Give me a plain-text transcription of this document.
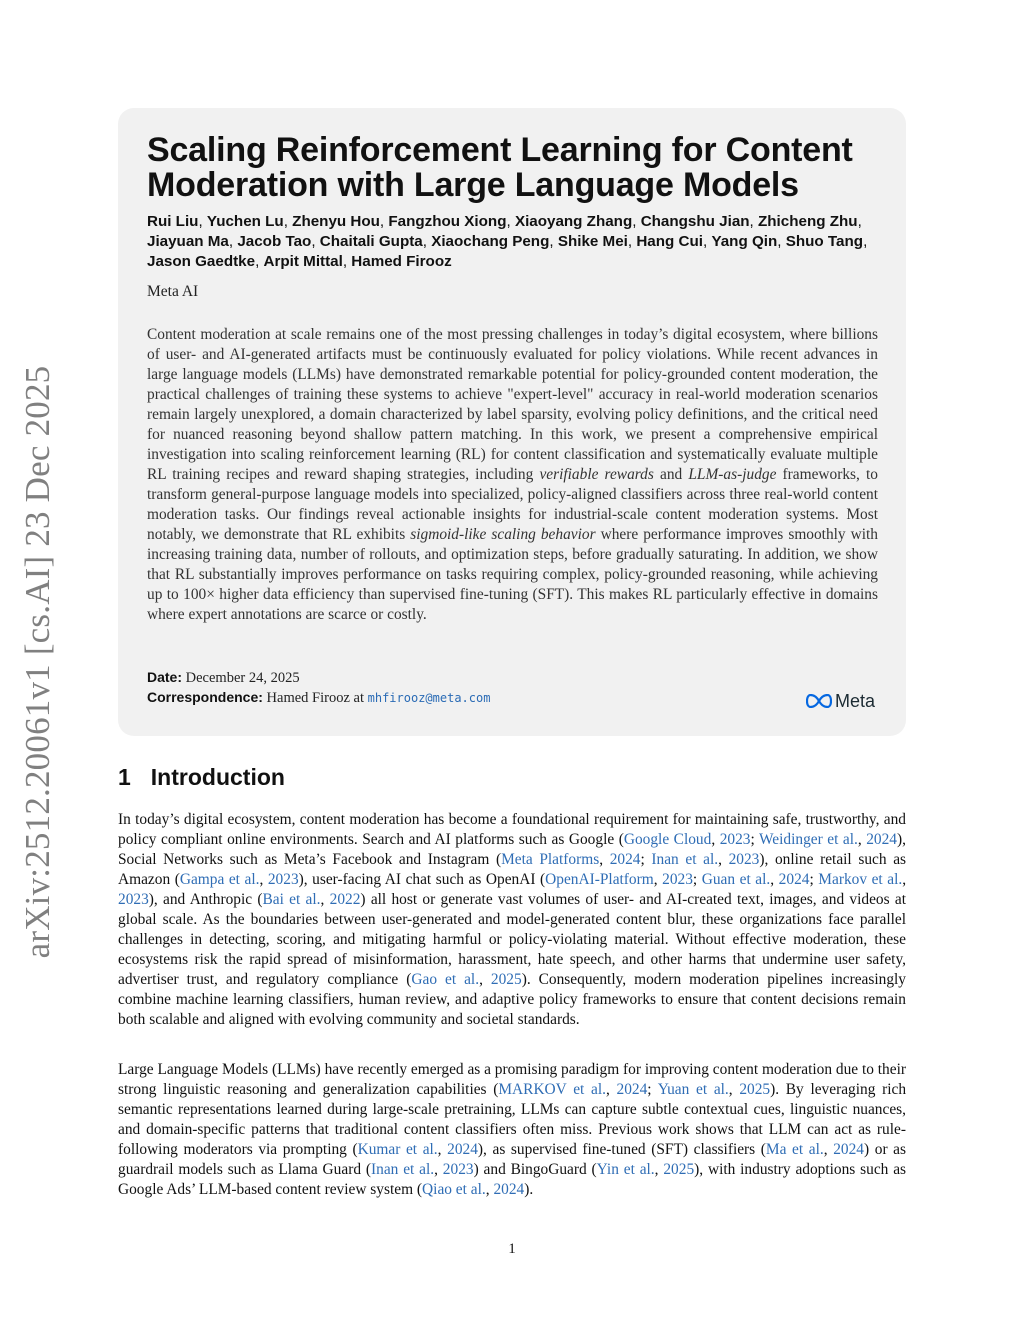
arXiv:2512.20061v1 [cs.AI] 23 Dec 2025
Scaling Reinforcement Learning for Content Moderation with Large Language Models
Rui Liu, Yuchen Lu, Zhenyu Hou, Fangzhou Xiong, Xiaoyang Zhang, Changshu Jian, Zhicheng Zhu, Jiayuan Ma, Jacob Tao, Chaitali Gupta, Xiaochang Peng, Shike Mei, Hang Cui, Yang Qin, Shuo Tang, Jason Gaedtke, Arpit Mittal, Hamed Firooz
Meta AI

Content moderation at scale remains one of the most pressing challenges in today’s digital ecosystem, where billions of user- and AI-generated artifacts must be continuously evaluated for policy violations. While recent advances in large language models (LLMs) have demonstrated remarkable potential for policy-grounded content moderation, the practical challenges of training these systems to achieve "expert-level" accuracy in real-world moderation scenarios remain largely unexplored, a domain characterized by label sparsity, evolving policy definitions, and the critical need for nuanced reasoning beyond shallow pattern matching. In this work, we present a comprehensive empirical investigation into scaling reinforcement learning (RL) for content classification and systematically evaluate multiple RL training recipes and reward shaping strategies, including verifiable rewards and LLM-as-judge frameworks, to transform general-purpose language models into specialized, policy-aligned classifiers across three real-world content moderation tasks. Our findings reveal actionable insights for industrial-scale content moderation systems. Most notably, we demonstrate that RL exhibits sigmoid-like scaling behavior where performance improves smoothly with increasing training data, number of rollouts, and optimization steps, before gradually saturating. In addition, we show that RL substantially improves performance on tasks requiring complex, policy-grounded reasoning, while achieving up to 100× higher data efficiency than supervised fine-tuning (SFT). This makes RL particularly effective in domains where expert annotations are scarce or costly.

Date: December 24, 2025
Correspondence: Hamed Firooz at mhfirooz@meta.com	Meta
1 Introduction

In today’s digital ecosystem, content moderation has become a foundational requirement for maintaining safe, trustworthy, and policy compliant online environments. Search and AI platforms such as Google (Google Cloud, 2023; Weidinger et al., 2024), Social Networks such as Meta’s Facebook and Instagram (Meta Platforms, 2024; Inan et al., 2023), online retail such as Amazon (Gampa et al., 2023), user-facing AI chat such as OpenAI (OpenAI-Platform, 2023; Guan et al., 2024; Markov et al., 2023), and Anthropic (Bai et al., 2022) all host or generate vast volumes of user- and AI-created text, images, and videos at global scale. As the boundaries between user-generated and model-generated content blur, these organizations face parallel challenges in detecting, scoring, and mitigating harmful or policy-violating material. Without effective moderation, these ecosystems risk the rapid spread of misinformation, harassment, hate speech, and other harms that undermine user safety, advertiser trust, and regulatory compliance (Gao et al., 2025). Consequently, modern moderation pipelines increasingly combine machine learning classifiers, human review, and adaptive policy frameworks to ensure that content decisions remain both scalable and aligned with evolving community and societal standards.

Large Language Models (LLMs) have recently emerged as a promising paradigm for improving content moderation due to their strong linguistic reasoning and generalization capabilities (MARKOV et al., 2024; Yuan et al., 2025). By leveraging rich semantic representations learned during large-scale pretraining, LLMs can capture subtle contextual cues, linguistic nuances, and domain-specific patterns that traditional content classifiers often miss. Previous work shows that LLM can act as rule-following moderators via prompting (Kumar et al., 2024), as supervised fine-tuned (SFT) classifiers (Ma et al., 2024) or as guardrail models such as Llama Guard (Inan et al., 2023) and BingoGuard (Yin et al., 2025), with industry adoptions such as Google Ads’ LLM-based content review system (Qiao et al., 2024).

1
